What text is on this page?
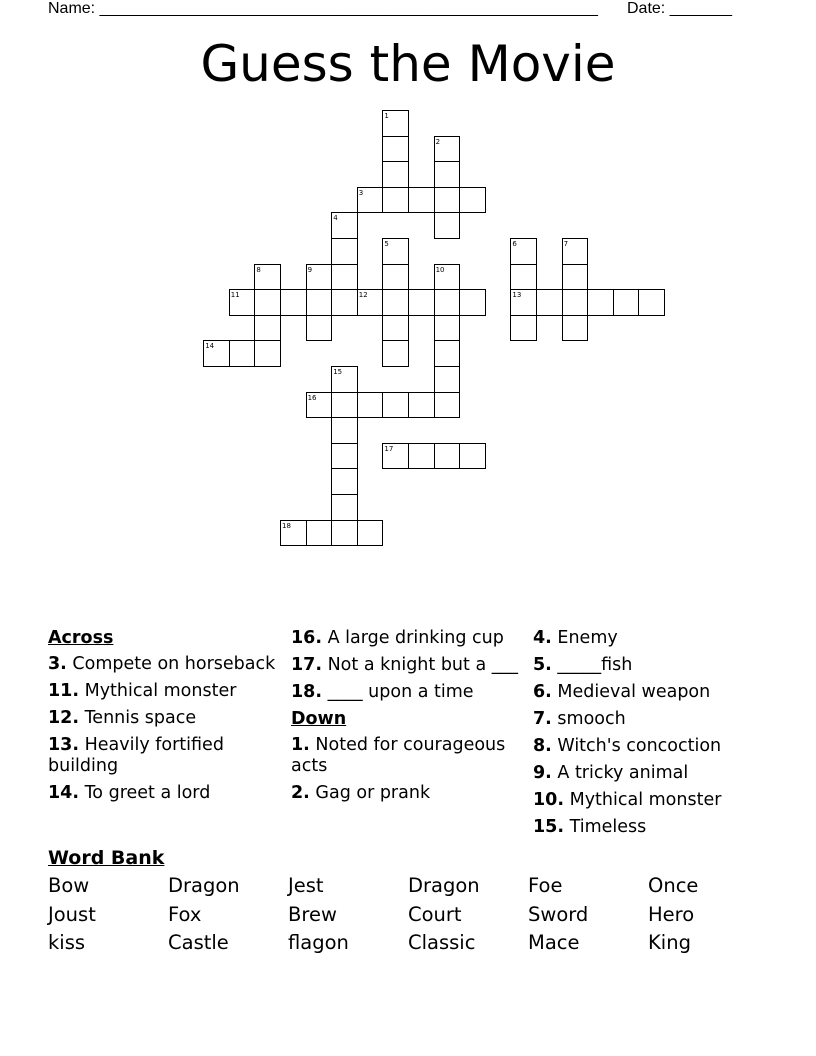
Name: ________________________________________________________ Date: _______
Guess the Movie
1
2
3
4
5	6
13
7
8	9	10
11	12
14
15
16
17
18
Across
3. Compete on horseback
11. Mythical monster
12. Tennis space
13. Heavily fortified building
14. To greet a lord
16. A large drinking cup
17. Not a knight but a ___
18. ____ upon a time
Down
1. Noted for courageous acts
2. Gag or prank
4. Enemy
5. _____fish
6. Medieval weapon
7. smooch
8. Witch's concoction
9. A tricky animal
10. Mythical monster
15. Timeless
Word Bank
Bow	Dragon	Jest	Dragon	Foe	Once
Joust	Fox	Brew	Court	Sword	Hero
kiss	Castle	flagon	Classic	Mace	King
